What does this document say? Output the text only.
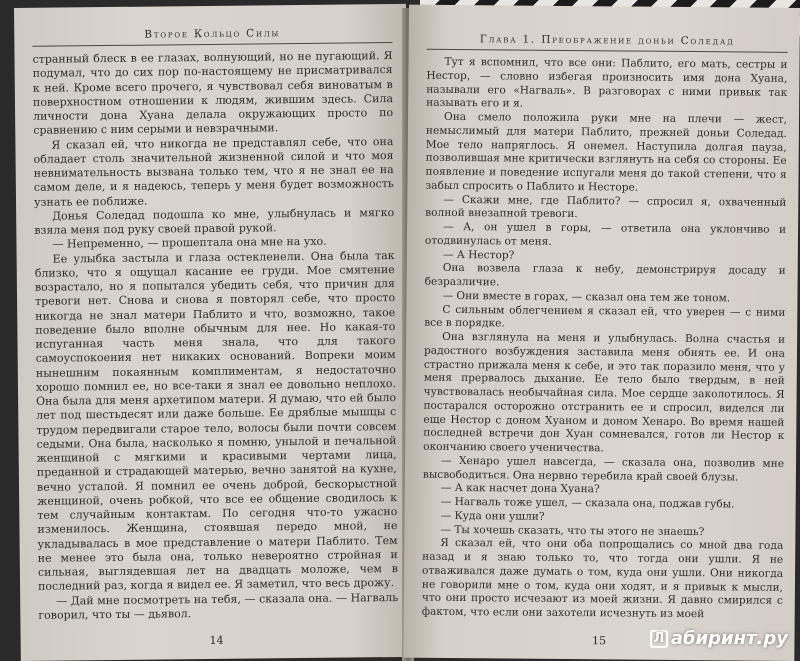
Второе Кольцо Силы

странный блеск в ее глазах, волнующий, но не пугающий. Я подумал, что до сих пор по-настоящему не присматривался к ней. Кроме всего прочего, я чувствовал себя виноватым в поверхностном отношении к людям, жившим здесь. Сила личности дона Хуана делала окружающих просто по сравнению с ним серыми и невзрачными.

Я сказал ей, что никогда не представлял себе, что она обладает столь значительной жизненной силой и что моя невнимательность вызвана только тем, что я не знал ее на самом деле, и я надеюсь, теперь у меня будет возможность узнать ее поближе.

Донья Соледад подошла ко мне, улыбнулась и мягко взяла меня под руку своей правой рукой.

— Непременно, — прошептала она мне на ухо.

Ее улыбка застыла и глаза остекленели. Она была так близко, что я ощущал касание ее груди. Мое смятение возрастало, но я попытался убедить себя, что причин для тревоги нет. Снова и снова я повторял себе, что просто никогда не знал матери Паблито и что, возможно, такое поведение было вполне обычным для нее. Но какая-то испуганная часть меня знала, что для такого самоуспокоения нет никаких оснований. Вопреки моим нынешним покаянным комплиментам, я недостаточно хорошо помнил ее, но все-таки я знал ее довольно неплохо. Она была для меня архетипом матери. Я думаю, что ей было лет под шестьдесят или даже больше. Ее дряблые мышцы с трудом передвигали старое тело, волосы были почти совсем седыми. Она была, насколько я помню, унылой и печальной женщиной с мягкими и красивыми чертами лица, преданной и страдающей матерью, вечно занятой на кухне, вечно усталой. Я помнил ее очень доброй, бескорыстной женщиной, очень робкой, что все ее общение сводилось к тем случайным контактам. По сегодня что-то ужасно изменилось. Женщина, стоявшая передо мной, не укладывалась в мое представление о матери Паблито. Тем не менее это была она, только невероятно стройная и сильная, выглядевшая лет на двадцать моложе, чем в последний раз, когда я видел ее. Я заметил, что весь дрожу.

— Дай мне посмотреть на тебя, — сказала она. — Нагваль говорил, что ты — дьявол.

14
Глава 1. Преображение доньи Соледад

Тут я вспомнил, что все они: Паблито, его мать, сестры и Нестор, — словно избегая произносить имя дона Хуана, называли его «Нагваль». В разговорах с ними привык так называть его и я.

Она смело положила руки мне на плечи — жест, немыслимый для матери Паблито, прежней доньи Соледад. Мое тело напряглось. Я онемел. Наступила долгая пауза, позволившая мне критически взглянуть на себя со стороны. Ее появление и поведение испугали меня до такой степени, что я забыл спросить о Паблито и Несторе.

— Скажи мне, где Паблито? — спросил я, охваченный волной внезапной тревоги.

— А, он ушел в горы, — ответила она уклончиво и отодвинулась от меня.

— А Нестор?

Она возвела глаза к небу, демонстрируя досаду и безразличие.

— Они вместе в горах, — сказал она тем же тоном.

С сильным облегчением я сказал ей, что уверен — с ними все в порядке.

Она взглянула на меня и улыбнулась. Волна счастья и радостного возбуждения заставила меня обнять ее. И она страстно прижала меня к себе, и это так поразило меня, что у меня прервалось дыхание. Ее тело было твердым, в ней чувствовалась необычайная сила. Мое сердце заколотилось. Я постарался осторожно отстранить ее и спросил, виделся ли еще Нестор с доном Хуаном и доном Хенаро. Во время нашей последней встречи дон Хуан сомневался, готов ли Нестор к окончанию своего ученичества.

— Хенаро ушел навсегда, — сказала она, позволив мне высвободиться. Она нервно теребила край своей блузы.

— А как насчет дона Хуана?

— Нагваль тоже ушел, — сказала она, поджав губы.

— Куда они ушли?

— Ты хочешь сказать, что ты этого не знаешь?

Я сказал ей, что они оба попрощались со мной два года назад и я знаю только то, что тогда они ушли. Я не отваживался даже думать о том, куда они ушли. Они никогда не говорили мне о том, куда они ходят, и я привык к мысли, что они просто исчезают из моей жизни. Я давно смирился с фактом, что если они захотели исчезнуть из моей

15	Л абиринт.ру
